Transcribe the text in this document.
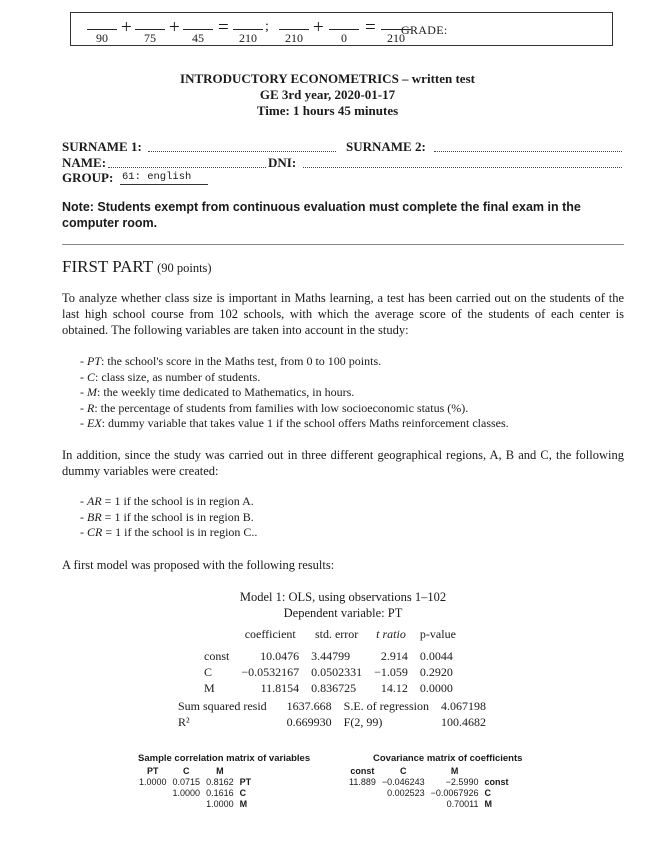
90 +	75 +	45 = 210
;
210 +	0 = 210
GRADE:
INTRODUCTORY ECONOMETRICS – written test
GE 3rd year, 2020-01-17
Time: 1 hours 45 minutes
SURNAME 1:	SURNAME 2:
NAME:	DNI:
GROUP: 61: english
Note: Students exempt from continuous evaluation must complete the final exam in the computer room.
FIRST PART (90 points)
To analyze whether class size is important in Maths learning, a test has been carried out on the students of the last high school course from 102 schools, with which the average score of the students of each center is obtained. The following variables are taken into account in the study:
- PT: the school's score in the Maths test, from 0 to 100 points.
- C: class size, as number of students.
- M: the weekly time dedicated to Mathematics, in hours.
- R: the percentage of students from families with low socioeconomic status (%).
- EX: dummy variable that takes value 1 if the school offers Maths reinforcement classes.
In addition, since the study was carried out in three different geographical regions, A, B and C, the following dummy variables were created:
- AR = 1 if the school is in region A.
- BR = 1 if the school is in region B.
- CR = 1 if the school is in region C..
A first model was proposed with the following results:
Model 1: OLS, using observations 1–102
Dependent variable: PT
	coefficient	std. error	t ratio	p-value

const	10.0476	3.44799	2.914	0.0044
C	−0.0532167	0.0502331	−1.059	0.2920
M	11.8154	0.836725	14.12	0.0000
Sum squared resid	1637.668	S.E. of regression	4.067198
R²	0.669930	F(2, 99)	100.4682
Sample correlation matrix of variables
PT	C	M	
1.0000	0.0715	0.8162	PT
	1.0000	0.1616	C
		1.0000	M
Covariance matrix of coefficients
const	C	M	
11.889	−0.046243	−2.5990	const
	0.002523	−0.0067926	C
		0.70011	M
